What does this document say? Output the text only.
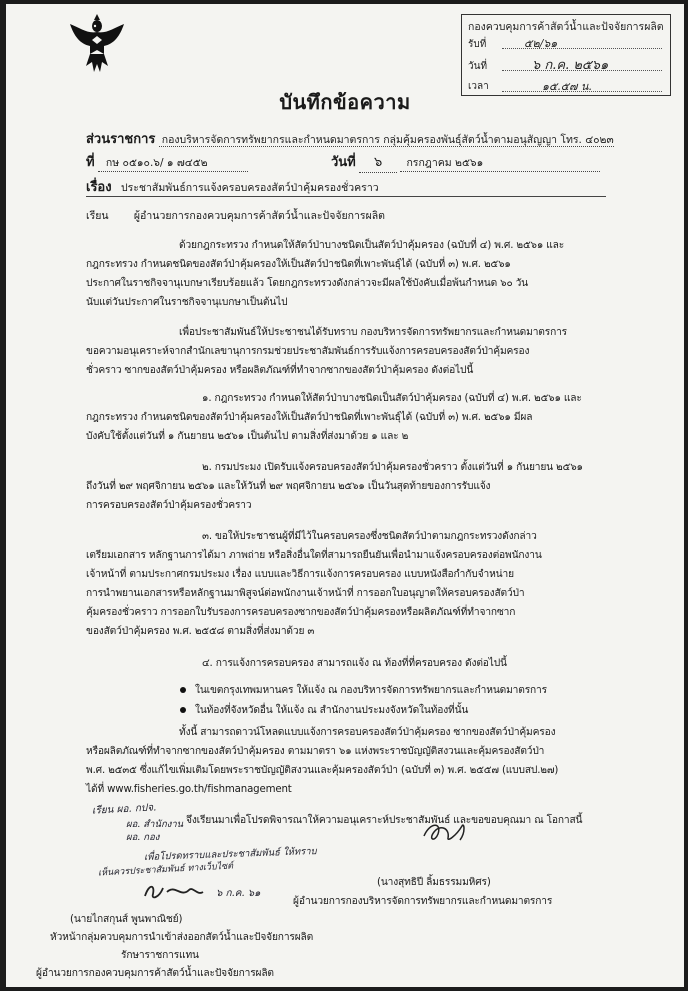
กองควบคุมการค้าสัตว์น้ำและปัจจัยการผลิต
รับที่	๕๒/๖๑
วันที่	๖ ก.ค. ๒๕๖๑
เวลา	๑๕.๕๗ น.
บันทึกข้อความ
ส่วนราชการ กองบริหารจัดการทรัพยากรและกำหนดมาตรการ กลุ่มคุ้มครองพันธุ์สัตว์น้ำตามอนุสัญญา โทร. ๔๐๒๓
ที่ กษ ๐๕๑๐.๖/ ๑ ๗๔๕๒	วันที่ ๖ กรกฎาคม ๒๕๖๑
เรื่อง ประชาสัมพันธ์การแจ้งครอบครองสัตว์ป่าคุ้มครองชั่วคราว
เรียน ผู้อำนวยการกองควบคุมการค้าสัตว์น้ำและปัจจัยการผลิต
ด้วยกฎกระทรวง กำหนดให้สัตว์ป่าบางชนิดเป็นสัตว์ป่าคุ้มครอง (ฉบับที่ ๔) พ.ศ. ๒๕๖๑ และ
กฎกระทรวง กำหนดชนิดของสัตว์ป่าคุ้มครองให้เป็นสัตว์ป่าชนิดที่เพาะพันธุ์ได้ (ฉบับที่ ๓) พ.ศ. ๒๕๖๑
ประกาศในราชกิจจานุเบกษาเรียบร้อยแล้ว โดยกฎกระทรวงดังกล่าวจะมีผลใช้บังคับเมื่อพ้นกำหนด ๖๐ วัน
นับแต่วันประกาศในราชกิจจานุเบกษาเป็นต้นไป
เพื่อประชาสัมพันธ์ให้ประชาชนได้รับทราบ กองบริหารจัดการทรัพยากรและกำหนดมาตรการ
ขอความอนุเคราะห์จากสำนักเลขานุการกรมช่วยประชาสัมพันธ์การรับแจ้งการครอบครองสัตว์ป่าคุ้มครอง
ชั่วคราว ซากของสัตว์ป่าคุ้มครอง หรือผลิตภัณฑ์ที่ทำจากซากของสัตว์ป่าคุ้มครอง ดังต่อไปนี้
๑. กฎกระทรวง กำหนดให้สัตว์ป่าบางชนิดเป็นสัตว์ป่าคุ้มครอง (ฉบับที่ ๔) พ.ศ. ๒๕๖๑ และ
กฎกระทรวง กำหนดชนิดของสัตว์ป่าคุ้มครองให้เป็นสัตว์ป่าชนิดที่เพาะพันธุ์ได้ (ฉบับที่ ๓) พ.ศ. ๒๕๖๑ มีผล
บังคับใช้ตั้งแต่วันที่ ๑ กันยายน ๒๕๖๑ เป็นต้นไป ตามสิ่งที่ส่งมาด้วย ๑ และ ๒
๒. กรมประมง เปิดรับแจ้งครอบครองสัตว์ป่าคุ้มครองชั่วคราว ตั้งแต่วันที่ ๑ กันยายน ๒๕๖๑
ถึงวันที่ ๒๙ พฤศจิกายน ๒๕๖๑ และให้วันที่ ๒๙ พฤศจิกายน ๒๕๖๑ เป็นวันสุดท้ายของการรับแจ้ง
การครอบครองสัตว์ป่าคุ้มครองชั่วคราว
๓. ขอให้ประชาชนผู้ที่มีไว้ในครอบครองซึ่งชนิดสัตว์ป่าตามกฎกระทรวงดังกล่าว
เตรียมเอกสาร หลักฐานการได้มา ภาพถ่าย หรือสิ่งอื่นใดที่สามารถยืนยันเพื่อนำมาแจ้งครอบครองต่อพนักงาน
เจ้าหน้าที่ ตามประกาศกรมประมง เรื่อง แบบและวิธีการแจ้งการครอบครอง แบบหนังสือกำกับจำหน่าย
การนำพยานเอกสารหรือหลักฐานมาพิสูจน์ต่อพนักงานเจ้าหน้าที่ การออกใบอนุญาตให้ครอบครองสัตว์ป่า
คุ้มครองชั่วคราว การออกใบรับรองการครอบครองซากของสัตว์ป่าคุ้มครองหรือผลิตภัณฑ์ที่ทำจากซาก
ของสัตว์ป่าคุ้มครอง พ.ศ. ๒๕๕๘ ตามสิ่งที่ส่งมาด้วย ๓
๔. การแจ้งการครอบครอง สามารถแจ้ง ณ ท้องที่ที่ครอบครอง ดังต่อไปนี้
ในเขตกรุงเทพมหานคร ให้แจ้ง ณ กองบริหารจัดการทรัพยากรและกำหนดมาตรการ
ในท้องที่จังหวัดอื่น ให้แจ้ง ณ สำนักงานประมงจังหวัดในท้องที่นั้น
ทั้งนี้ สามารถดาวน์โหลดแบบแจ้งการครอบครองสัตว์ป่าคุ้มครอง ซากของสัตว์ป่าคุ้มครอง
หรือผลิตภัณฑ์ที่ทำจากซากของสัตว์ป่าคุ้มครอง ตามมาตรา ๖๑ แห่งพระราชบัญญัติสงวนและคุ้มครองสัตว์ป่า
พ.ศ. ๒๕๓๕ ซึ่งแก้ไขเพิ่มเติมโดยพระราชบัญญัติสงวนและคุ้มครองสัตว์ป่า (ฉบับที่ ๓) พ.ศ. ๒๕๕๗ (แบบสป.๒๗)
ได้ที่ www.fisheries.go.th/fishmanagement
จึงเรียนมาเพื่อโปรดพิจารณาให้ความอนุเคราะห์ประชาสัมพันธ์ และขอขอบคุณมา ณ โอกาสนี้
เรียน ผอ. กปจ.
ผอ. สำนักงาน
ผอ. กอง
เพื่อโปรดทราบและประชาสัมพันธ์ ให้ทราบ
เห็นควรประชาสัมพันธ์ ทางเว็บไซต์
(นางสุทธิปี ลิ้มธรรมมหิศร)
ผู้อำนวยการกองบริหารจัดการทรัพยากรและกำหนดมาตรการ
๖ ก.ค. ๖๑
(นายไกสกุนส์ พูนพาณิชย์)
หัวหน้ากลุ่มควบคุมการนำเข้าส่งออกสัตว์น้ำและปัจจัยการผลิต
รักษาราชการแทน
ผู้อำนวยการกองควบคุมการค้าสัตว์น้ำและปัจจัยการผลิต
